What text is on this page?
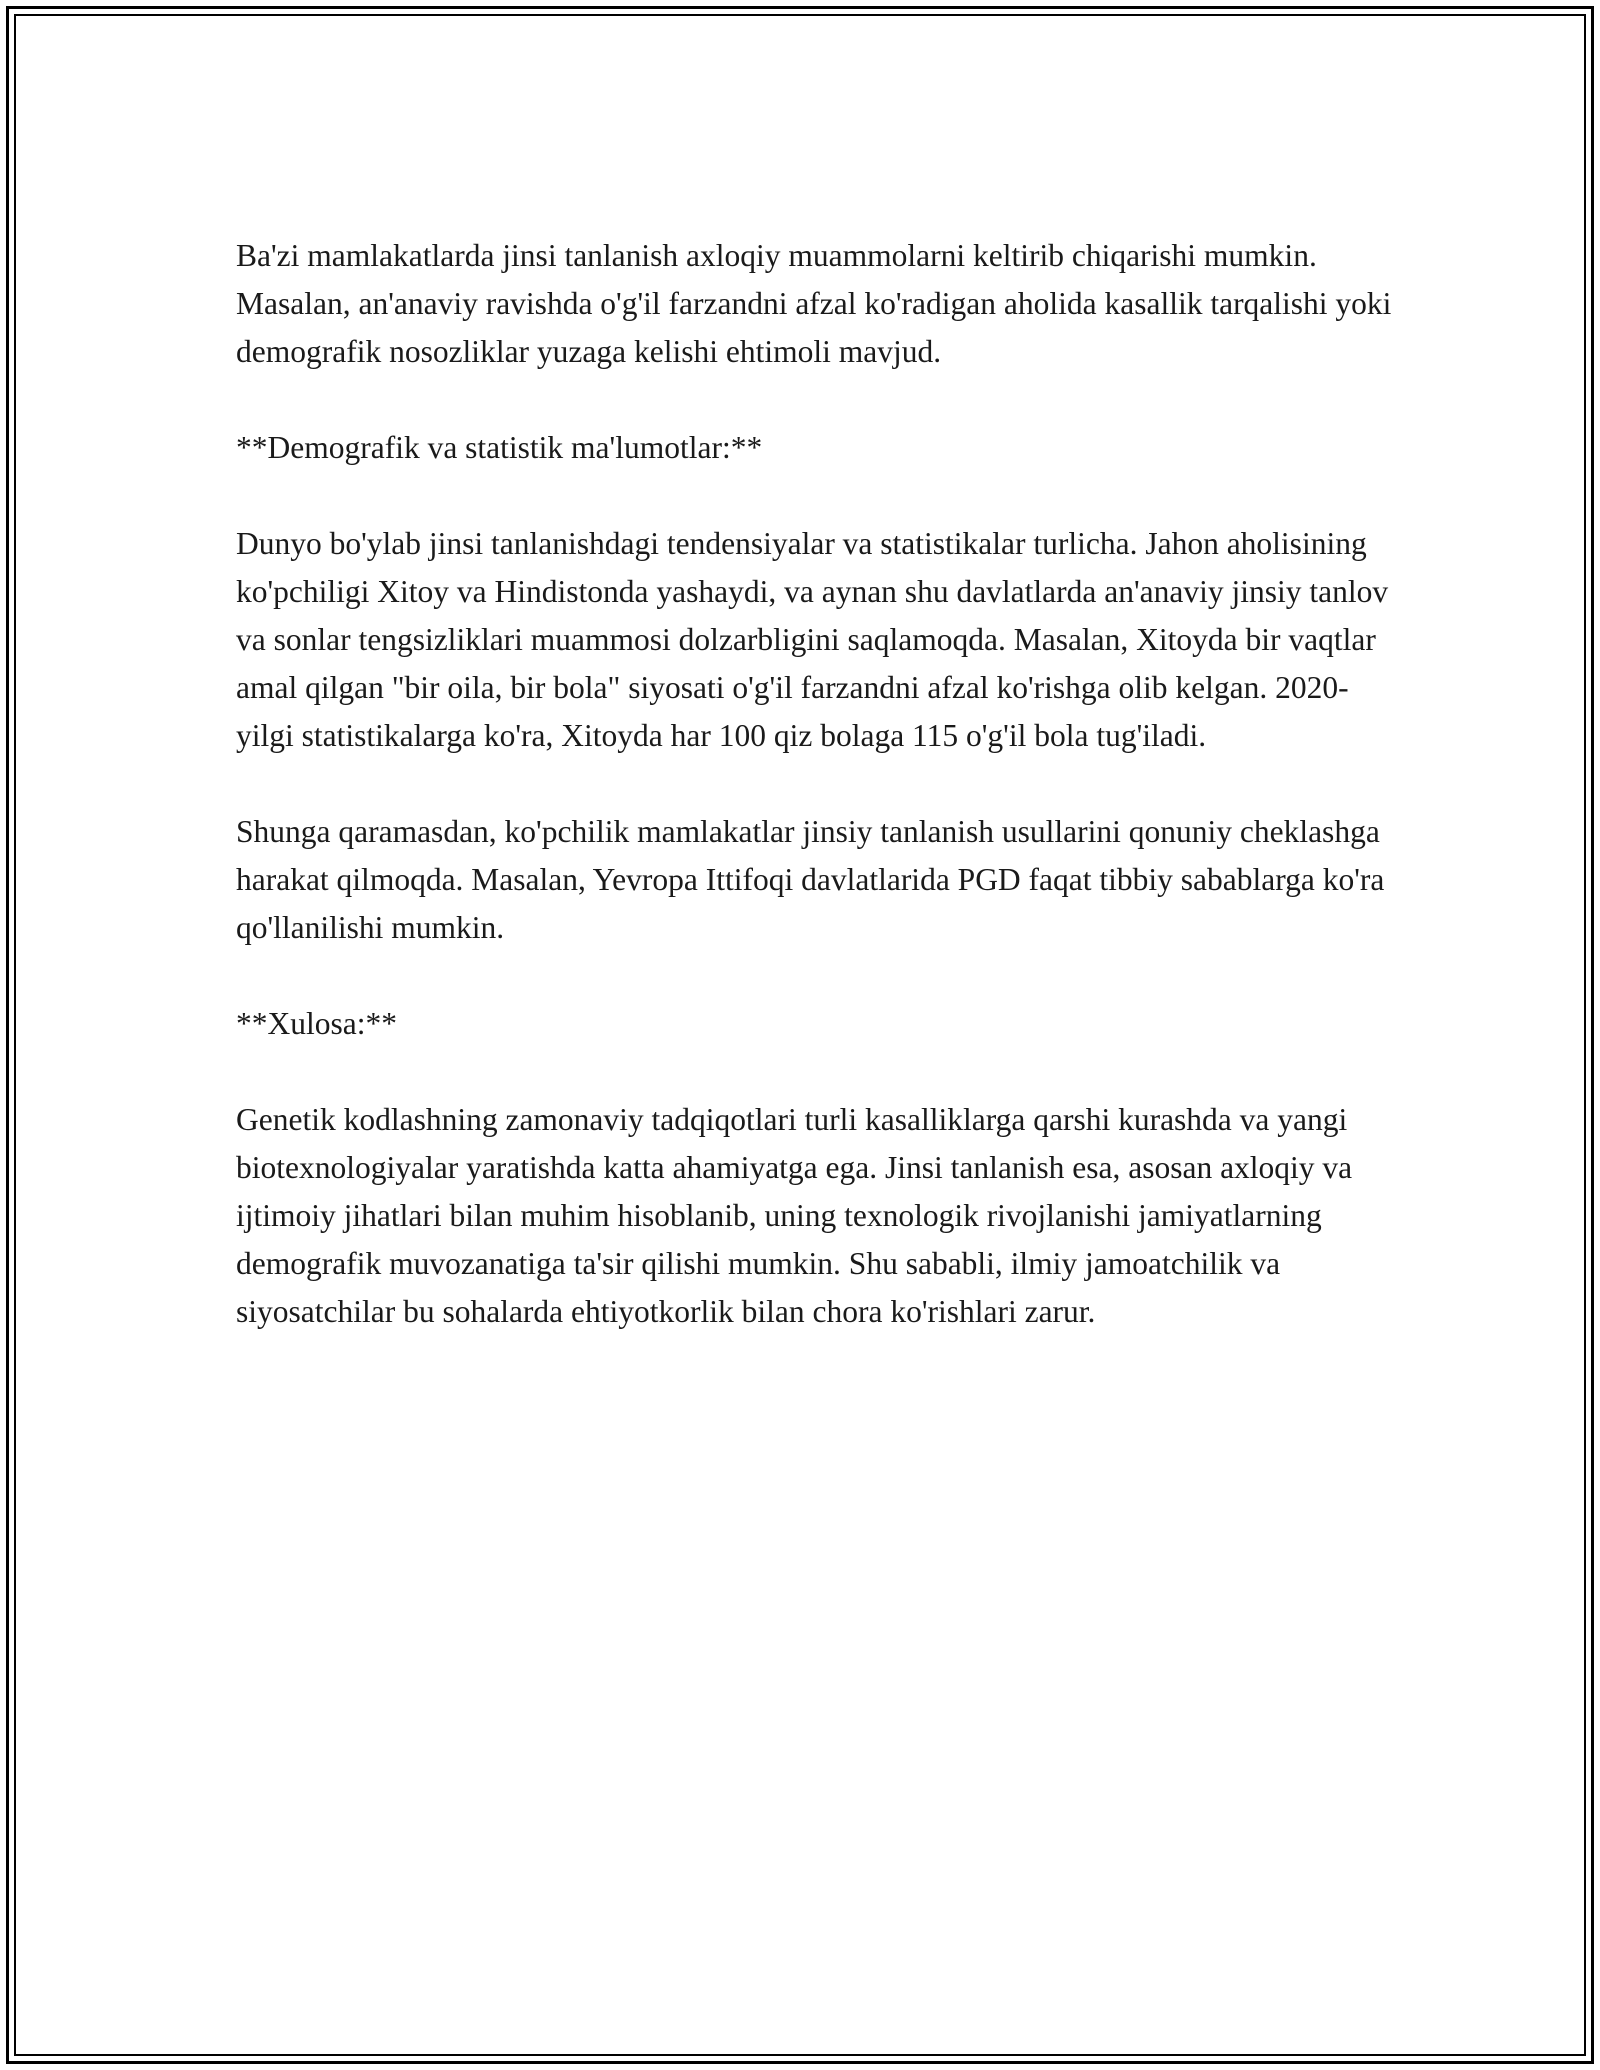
Ba'zi mamlakatlarda jinsi tanlanish axloqiy muammolarni keltirib chiqarishi mumkin. Masalan, an'anaviy ravishda o'g'il farzandni afzal ko'radigan aholida kasallik tarqalishi yoki demografik nosozliklar yuzaga kelishi ehtimoli mavjud.

**Demografik va statistik ma'lumotlar:**

Dunyo bo'ylab jinsi tanlanishdagi tendensiyalar va statistikalar turlicha. Jahon aholisining ko'pchiligi Xitoy va Hindistonda yashaydi, va aynan shu davlatlarda an'anaviy jinsiy tanlov va sonlar tengsizliklari muammosi dolzarbligini saqlamoqda. Masalan, Xitoyda bir vaqtlar amal qilgan "bir oila, bir bola" siyosati o'g'il farzandni afzal ko'rishga olib kelgan. 2020-yilgi statistikalarga ko'ra, Xitoyda har 100 qiz bolaga 115 o'g'il bola tug'iladi.

Shunga qaramasdan, ko'pchilik mamlakatlar jinsiy tanlanish usullarini qonuniy cheklashga harakat qilmoqda. Masalan, Yevropa Ittifoqi davlatlarida PGD faqat tibbiy sabablarga ko'ra qo'llanilishi mumkin.

**Xulosa:**

Genetik kodlashning zamonaviy tadqiqotlari turli kasalliklarga qarshi kurashda va yangi biotexnologiyalar yaratishda katta ahamiyatga ega. Jinsi tanlanish esa, asosan axloqiy va ijtimoiy jihatlari bilan muhim hisoblanib, uning texnologik rivojlanishi jamiyatlarning demografik muvozanatiga ta'sir qilishi mumkin. Shu sababli, ilmiy jamoatchilik va siyosatchilar bu sohalarda ehtiyotkorlik bilan chora ko'rishlari zarur.
